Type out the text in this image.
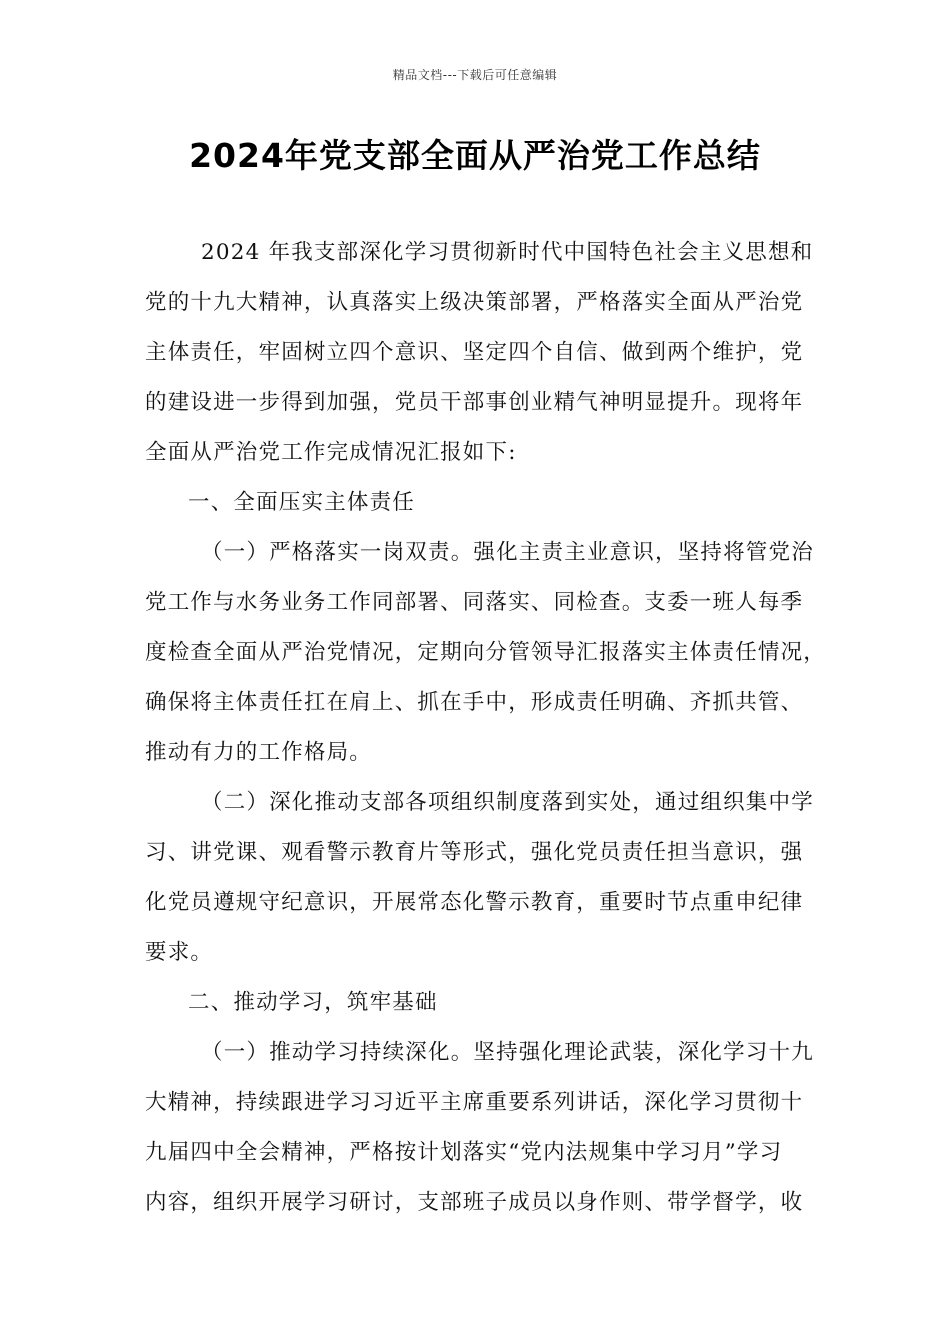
精品文档---下载后可任意编辑
2024年党支部全面从严治党工作总结

2024 年我支部深化学习贯彻新时代中国特色社会主义思想和
党的十九大精神，认真落实上级决策部署，严格落实全面从严治党
主体责任，牢固树立四个意识、坚定四个自信、做到两个维护，党
的建设进一步得到加强，党员干部事创业精气神明显提升。现将年
全面从严治党工作完成情况汇报如下:

一、全面压实主体责任

（一）严格落实一岗双责。强化主责主业意识，坚持将管党治
党工作与水务业务工作同部署、同落实、同检查。支委一班人每季
度检查全面从严治党情况，定期向分管领导汇报落实主体责任情况，
确保将主体责任扛在肩上、抓在手中，形成责任明确、齐抓共管、
推动有力的工作格局。

（二）深化推动支部各项组织制度落到实处，通过组织集中学
习、讲党课、观看警示教育片等形式，强化党员责任担当意识，强
化党员遵规守纪意识，开展常态化警示教育，重要时节点重申纪律
要求。

二、推动学习，筑牢基础

（一）推动学习持续深化。坚持强化理论武装，深化学习十九
大精神，持续跟进学习习近平主席重要系列讲话，深化学习贯彻十
九届四中全会精神，严格按计划落实“党内法规集中学习月”学习
内容，组织开展学习研讨，支部班子成员以身作则、带学督学，收
